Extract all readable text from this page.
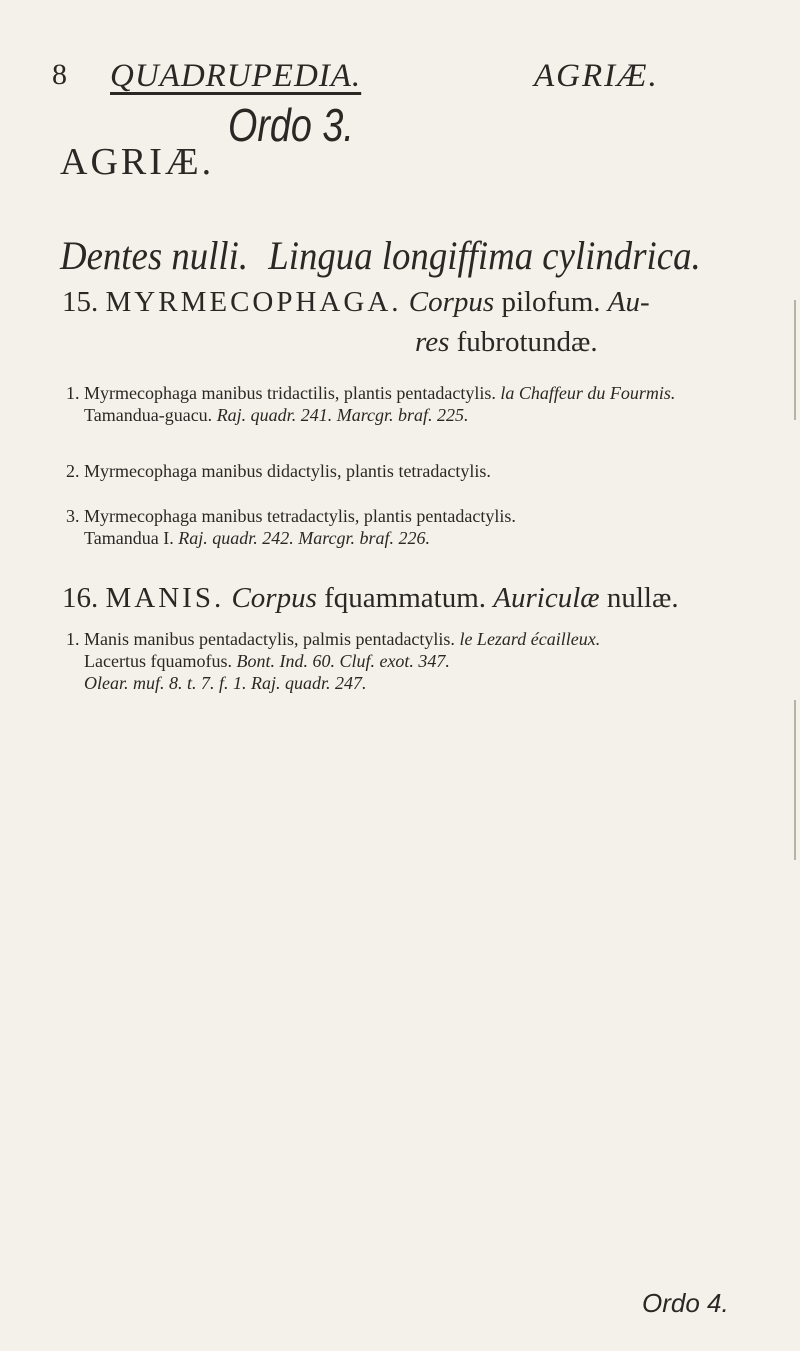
8 QUADRUPEDIA.	AGRIÆ.
Ordo 3.
AGRIÆ.
Dentes nulli. Lingua longiffima cylindrica.
15. MYRMECOPHAGA. Corpus pilofum. Au-
res fubrotundæ.
1. Myrmecophaga manibus tridactilis, plantis pentadactylis. la Chaffeur du Fourmis.
Tamandua-guacu. Raj. quadr. 241. Marcgr. braf. 225.
2. Myrmecophaga manibus didactylis, plantis tetradactylis.
3. Myrmecophaga manibus tetradactylis, plantis pentadactylis.
Tamandua I. Raj. quadr. 242. Marcgr. braf. 226.
16. MANIS. Corpus fquammatum. Auriculæ nullæ.
1. Manis manibus pentadactylis, palmis pentadactylis. le Lezard écailleux.
Lacertus fquamofus. Bont. Ind. 60. Cluf. exot. 347.
Olear. muf. 8. t. 7. f. 1. Raj. quadr. 247.
Ordo 4.
